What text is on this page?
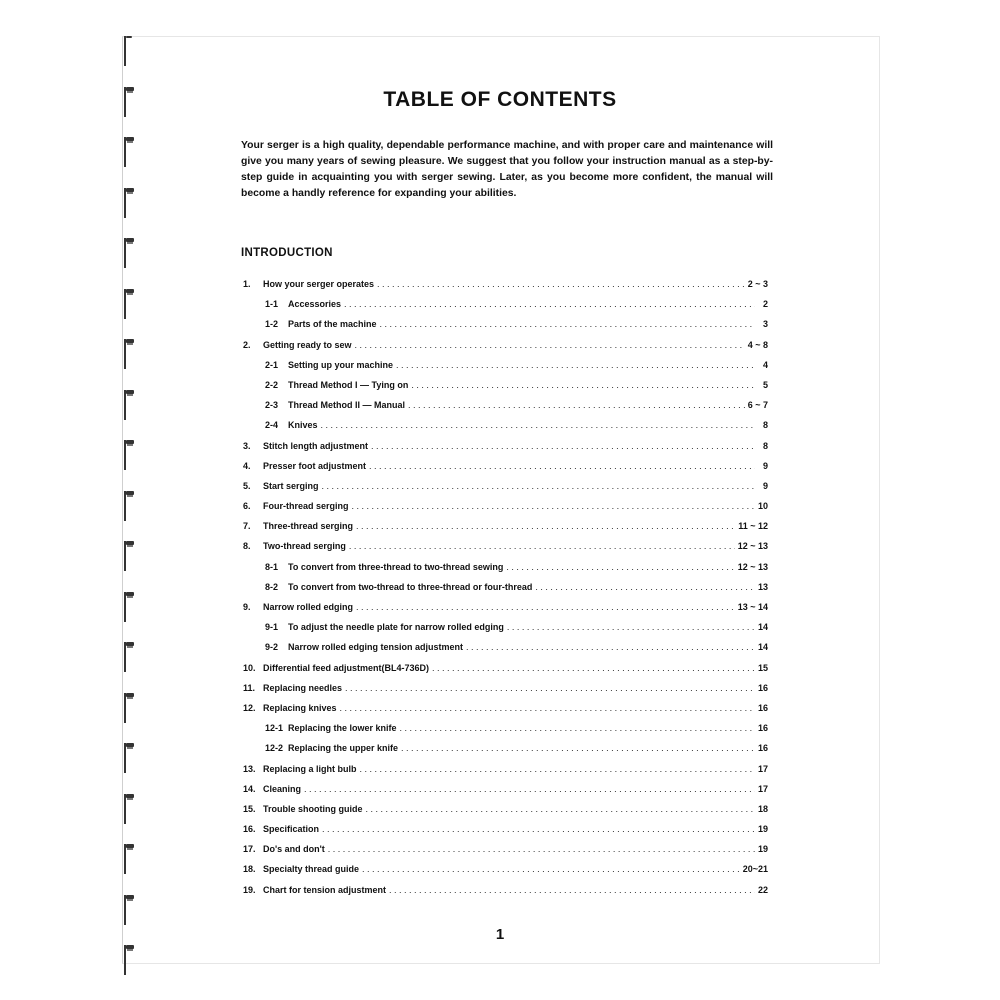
TABLE OF CONTENTS
Your serger is a high quality, dependable performance machine, and with proper care and maintenance will give you many years of sewing pleasure. We suggest that you follow your instruction manual as a step-by-step guide in acquainting you with serger sewing. Later, as you become more confident, the manual will become a handly reference for expanding your abilities.
INTRODUCTION
1.	How your serger operates . . .	2 ~ 3
1-1	Accessories . . .	2
1-2	Parts of the machine . . .	3
2.	Getting ready to sew . . .	4 ~ 8
2-1	Setting up your machine . . .	4
2-2	Thread Method I — Tying on . . .	5
2-3	Thread Method II — Manual . . .	6 ~ 7
2-4	Knives . . .	8
3.	Stitch length adjustment . . .	8
4.	Presser foot adjustment . . .	9
5.	Start serging . . .	9
6.	Four-thread serging . . .	10
7.	Three-thread serging . . .	11 ~ 12
8.	Two-thread serging . . .	12 ~ 13
8-1	To convert from three-thread to two-thread sewing . . .	12 ~ 13
8-2	To convert from two-thread to three-thread or four-thread . . .	13
9.	Narrow rolled edging . . .	13 ~ 14
9-1	To adjust the needle plate for narrow rolled edging . . .	14
9-2	Narrow rolled edging tension adjustment . . .	14
10. Differential feed adjustment(BL4-736D) . . .	15
11. Replacing needles . . .	16
12. Replacing knives . . .	16
12-1 Replacing the lower knife . . .	16
12-2 Replacing the upper knife . . .	16
13. Replacing a light bulb . . .	17
14. Cleaning . . .	17
15. Trouble shooting guide . . .	18
16. Specification . . .	19
17. Do's and don't . . .	19
18. Specialty thread guide . . .	20~21
19. Chart for tension adjustment . . .	22
1
